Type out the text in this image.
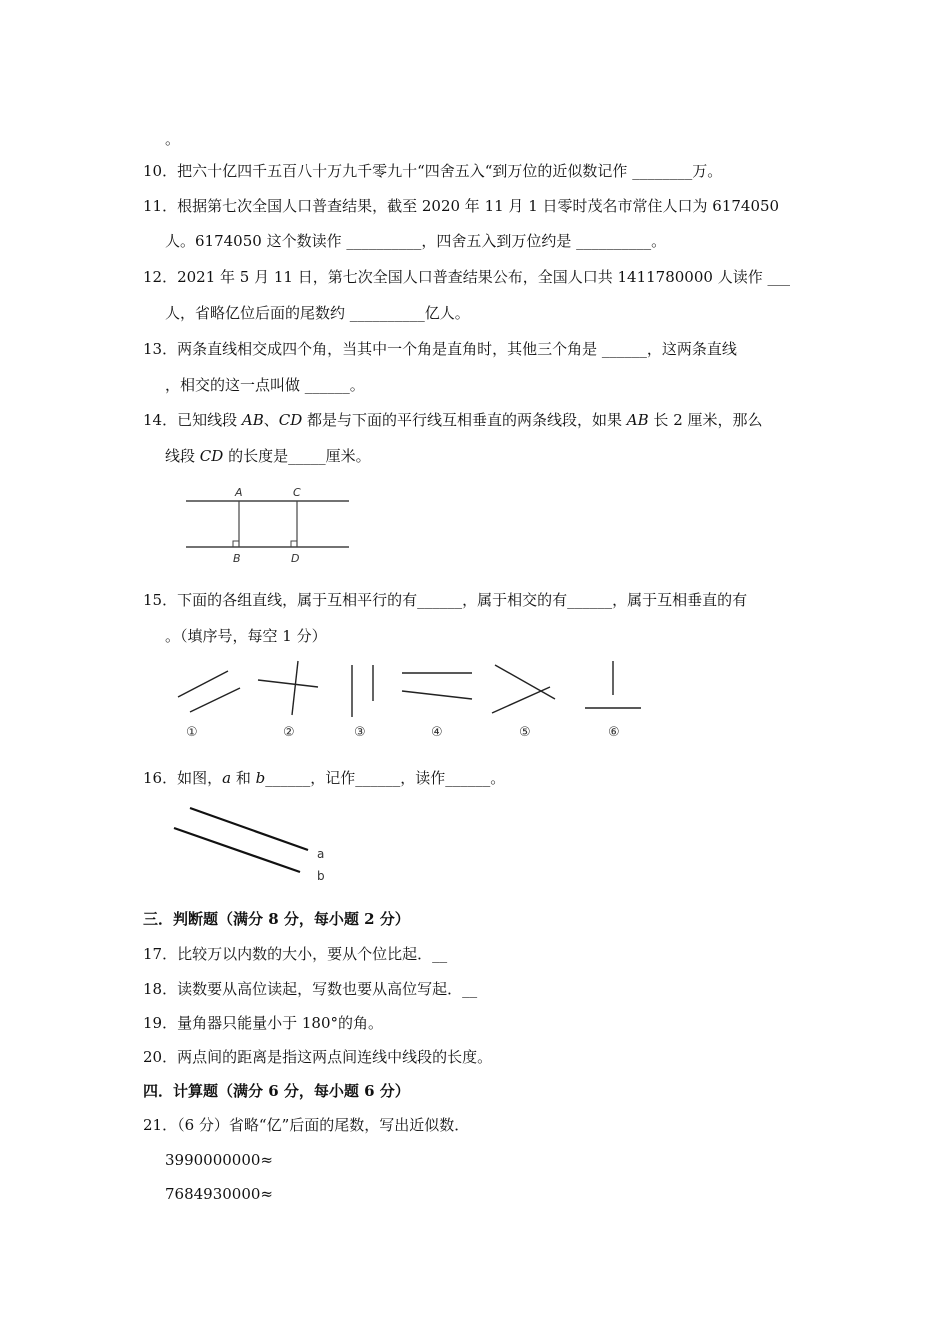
。
10．把六十亿四千五百八十万九千零九十“四舍五入“到万位的近似数记作 ________万。
11．根据第七次全国人口普查结果，截至 2020 年 11 月 1 日零时茂名市常住人口为 6174050
人。6174050 这个数读作 __________，四舍五入到万位约是 __________。
12．2021 年 5 月 11 日，第七次全国人口普查结果公布，全国人口共 1411780000 人读作 ___
人，省略亿位后面的尾数约 __________亿人。
13．两条直线相交成四个角，当其中一个角是直角时，其他三个角是 ______，这两条直线
，相交的这一点叫做 ______。
14．已知线段 AB、CD 都是与下面的平行线互相垂直的两条线段，如果 AB 长 2 厘米，那么
线段 CD 的长度是_____厘米。
A	C
B	D
15．下面的各组直线，属于互相平行的有______，属于相交的有______，属于互相垂直的有
。（填序号，每空 1 分）
①	②	③	④	⑤	⑥
16．如图，a 和 b______，记作______，读作______。
a
b
三．判断题（满分 8 分，每小题 2 分）
17．比较万以内数的大小，要从个位比起．__
18．读数要从高位读起，写数也要从高位写起．__
19．量角器只能量小于 180°的角。
20．两点间的距离是指这两点间连线中线段的长度。
四．计算题（满分 6 分，每小题 6 分）
21．（6 分）省略“亿”后面的尾数，写出近似数．
3990000000≈
7684930000≈
